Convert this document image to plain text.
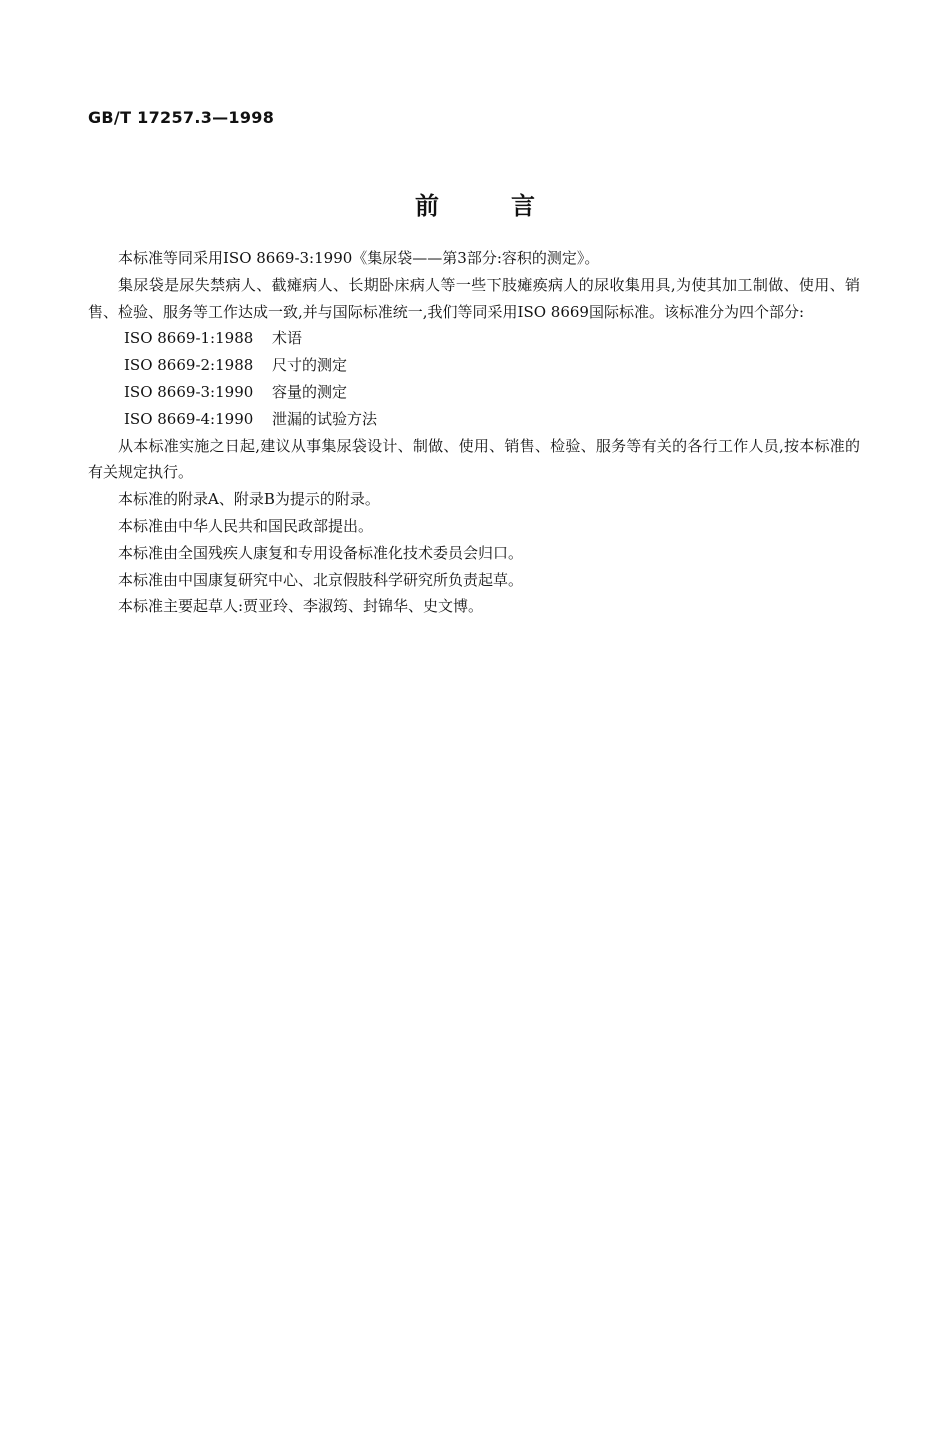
GB/T 17257.3—1998
前言

本标准等同采用ISO 8669-3:1990《集尿袋——第3部分:容积的测定》。

集尿袋是尿失禁病人、截瘫病人、长期卧床病人等一些下肢瘫痪病人的尿收集用具,为使其加工制做、使用、销售、检验、服务等工作达成一致,并与国际标准统一,我们等同采用ISO 8669国际标准。该标准分为四个部分:

ISO 8669-1:1988 术语

ISO 8669-2:1988 尺寸的测定

ISO 8669-3:1990 容量的测定

ISO 8669-4:1990 泄漏的试验方法

从本标准实施之日起,建议从事集尿袋设计、制做、使用、销售、检验、服务等有关的各行工作人员,按本标准的有关规定执行。

本标准的附录A、附录B为提示的附录。

本标准由中华人民共和国民政部提出。

本标准由全国残疾人康复和专用设备标准化技术委员会归口。

本标准由中国康复研究中心、北京假肢科学研究所负责起草。

本标准主要起草人:贾亚玲、李淑筠、封锦华、史文博。
